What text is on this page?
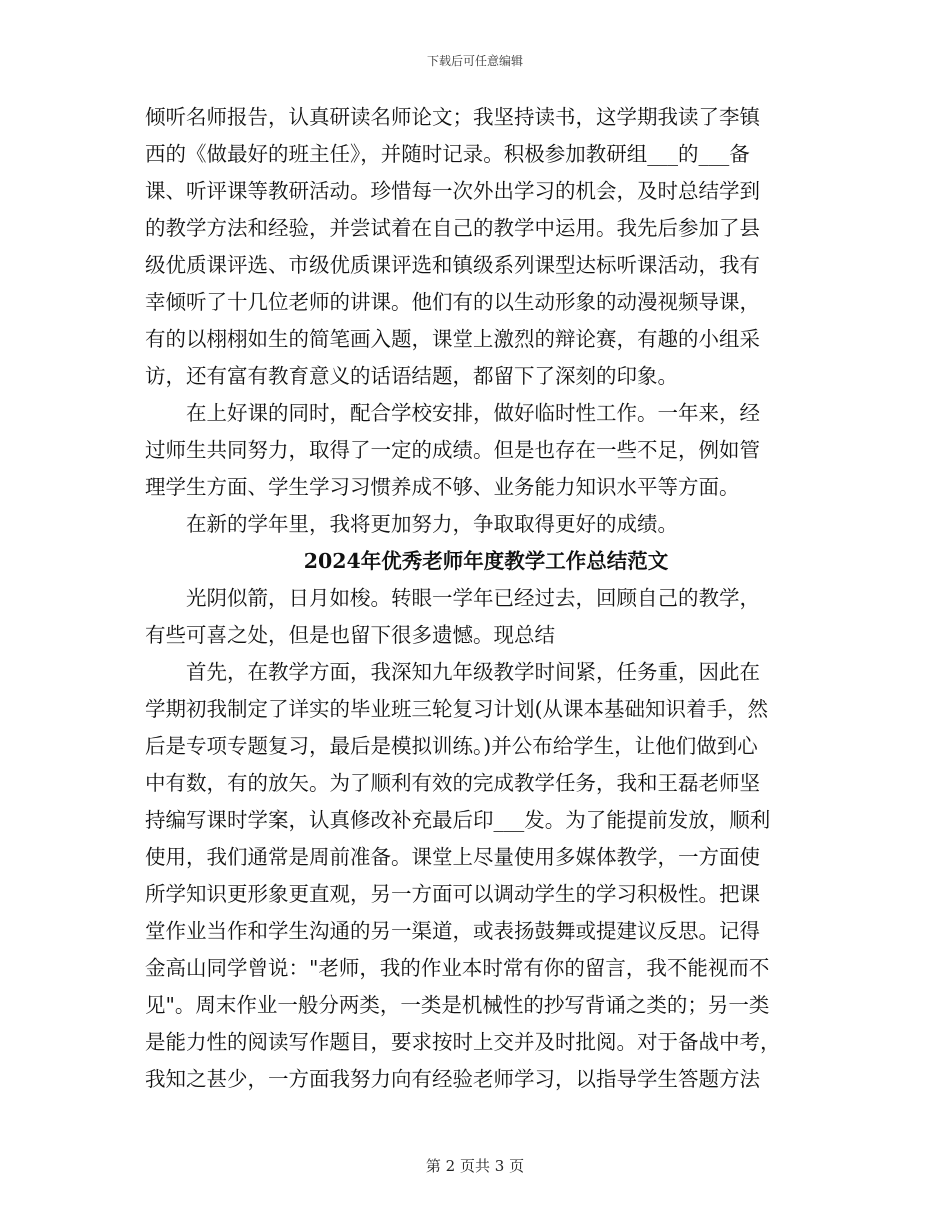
下载后可任意编辑
倾听名师报告，认真研读名师论文；我坚持读书，这学期我读了李镇
西的《做最好的班主任》，并随时记录。积极参加教研组___的___备
课、听评课等教研活动。珍惜每一次外出学习的机会，及时总结学到
的教学方法和经验，并尝试着在自己的教学中运用。我先后参加了县
级优质课评选、市级优质课评选和镇级系列课型达标听课活动，我有
幸倾听了十几位老师的讲课。他们有的以生动形象的动漫视频导课，
有的以栩栩如生的简笔画入题，课堂上激烈的辩论赛，有趣的小组采
访，还有富有教育意义的话语结题，都留下了深刻的印象。
在上好课的同时，配合学校安排，做好临时性工作。一年来，经
过师生共同努力，取得了一定的成绩。但是也存在一些不足，例如管
理学生方面、学生学习习惯养成不够、业务能力知识水平等方面。
在新的学年里，我将更加努力，争取取得更好的成绩。
2024年优秀老师年度教学工作总结范文
光阴似箭，日月如梭。转眼一学年已经过去，回顾自己的教学，
有些可喜之处，但是也留下很多遗憾。现总结
首先，在教学方面，我深知九年级教学时间紧，任务重，因此在
学期初我制定了详实的毕业班三轮复习计划(从课本基础知识着手，然
后是专项专题复习，最后是模拟训练。)并公布给学生，让他们做到心
中有数，有的放矢。为了顺利有效的完成教学任务，我和王磊老师坚
持编写课时学案，认真修改补充最后印___发。为了能提前发放，顺利
使用，我们通常是周前准备。课堂上尽量使用多媒体教学，一方面使
所学知识更形象更直观，另一方面可以调动学生的学习积极性。把课
堂作业当作和学生沟通的另一渠道，或表扬鼓舞或提建议反思。记得
金高山同学曾说："老师，我的作业本时常有你的留言，我不能视而不
见"。周末作业一般分两类，一类是机械性的抄写背诵之类的；另一类
是能力性的阅读写作题目，要求按时上交并及时批阅。对于备战中考，
我知之甚少，一方面我努力向有经验老师学习，以指导学生答题方法
第 2 页共 3 页
